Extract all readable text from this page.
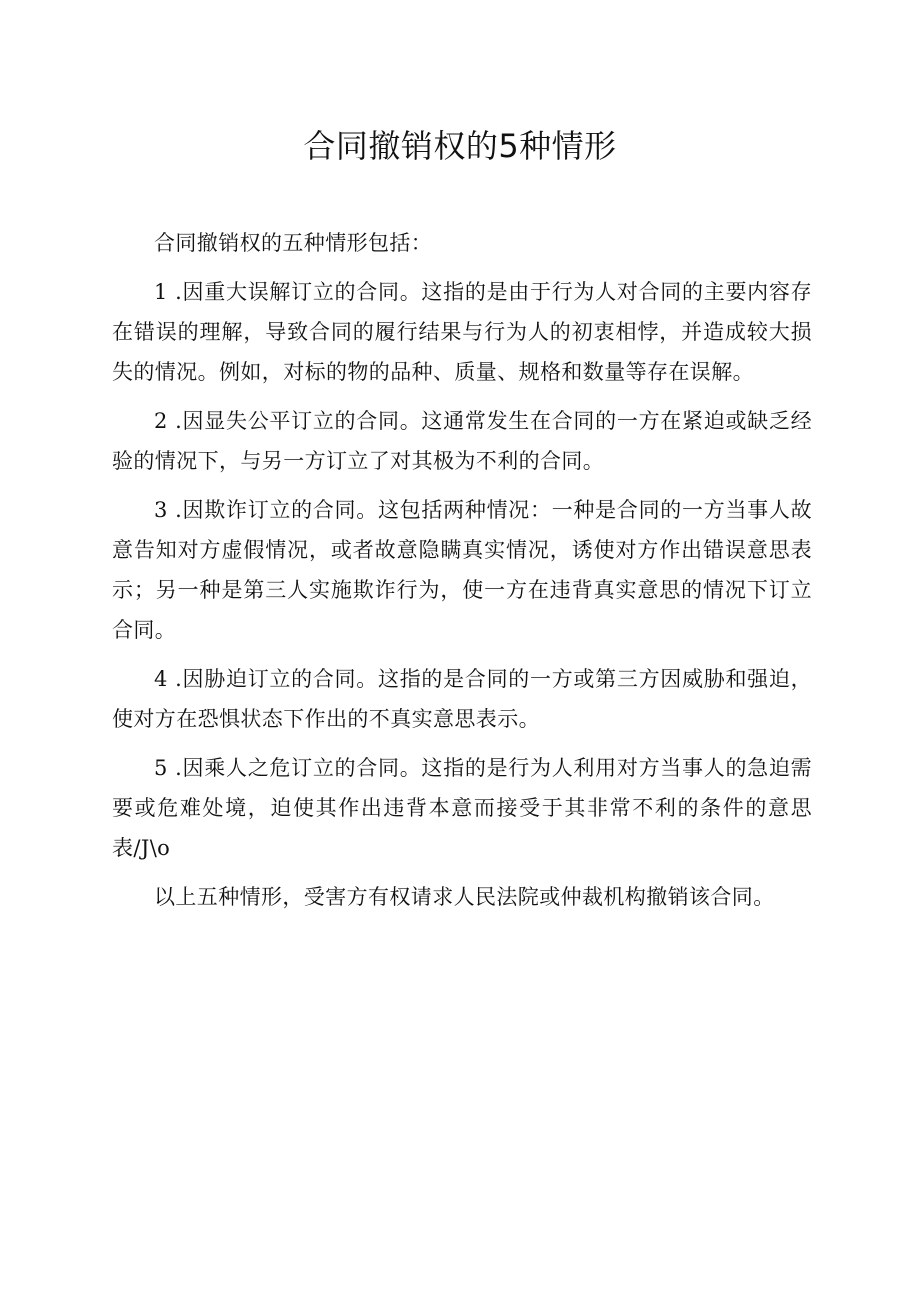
合同撤销权的5种情形

合同撤销权的五种情形包括：

1 .因重大误解订立的合同。这指的是由于行为人对合同的主要内容存在错误的理解，导致合同的履行结果与行为人的初衷相悖，并造成较大损失的情况。例如，对标的物的品种、质量、规格和数量等存在误解。

2 .因显失公平订立的合同。这通常发生在合同的一方在紧迫或缺乏经验的情况下，与另一方订立了对其极为不利的合同。

3 .因欺诈订立的合同。这包括两种情况：一种是合同的一方当事人故意告知对方虚假情况，或者故意隐瞒真实情况，诱使对方作出错误意思表示；另一种是第三人实施欺诈行为，使一方在违背真实意思的情况下订立合同。

4 .因胁迫订立的合同。这指的是合同的一方或第三方因威胁和强迫，使对方在恐惧状态下作出的不真实意思表示。

5 .因乘人之危订立的合同。这指的是行为人利用对方当事人的急迫需要或危难处境，迫使其作出违背本意而接受于其非常不利的条件的意思表/J\o

以上五种情形，受害方有权请求人民法院或仲裁机构撤销该合同。
